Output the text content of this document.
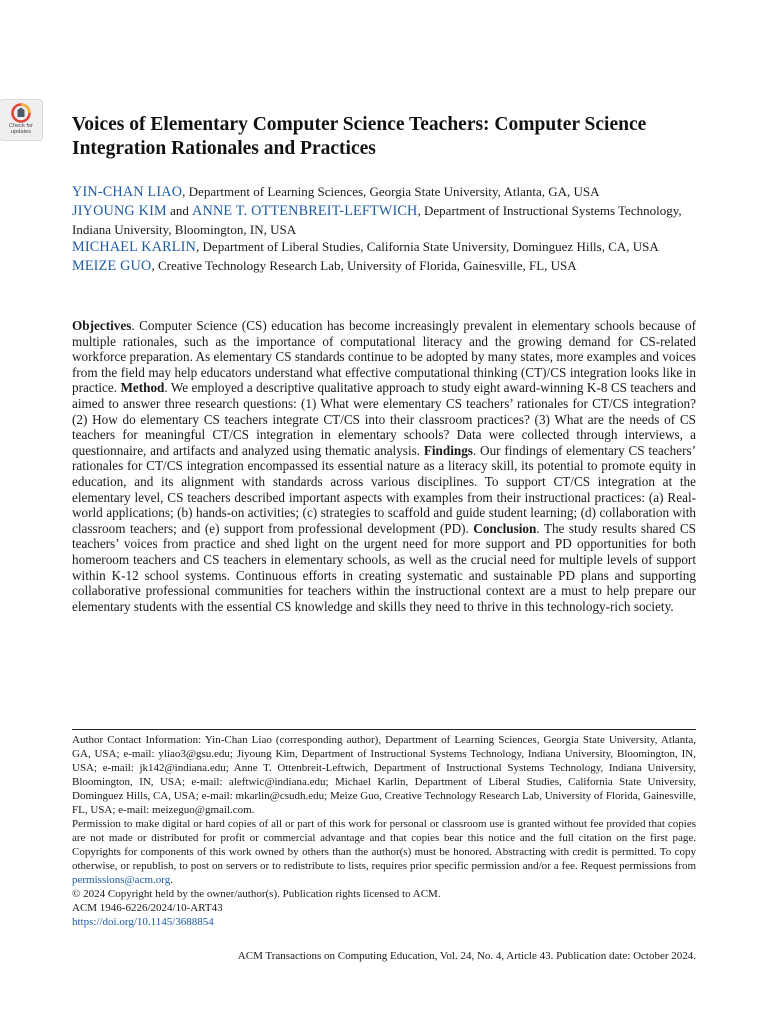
Check for
updates	Voices of Elementary Computer Science Teachers: Computer Science Integration Rationales and Practices

YIN-CHAN LIAO, Department of Learning Sciences, Georgia State University, Atlanta, GA, USA

JIYOUNG KIM and ANNE T. OTTENBREIT-LEFTWICH, Department of Instructional Systems Technology, Indiana University, Bloomington, IN, USA

MICHAEL KARLIN, Department of Liberal Studies, California State University, Dominguez Hills, CA, USA

MEIZE GUO, Creative Technology Research Lab, University of Florida, Gainesville, FL, USA

Objectives. Computer Science (CS) education has become increasingly prevalent in elementary schools because of multiple rationales, such as the importance of computational literacy and the growing demand for CS-related workforce preparation. As elementary CS standards continue to be adopted by many states, more examples and voices from the field may help educators understand what effective computational thinking (CT)/CS integration looks like in practice. Method. We employed a descriptive qualitative approach to study eight award-winning K-8 CS teachers and aimed to answer three research questions: (1) What were elementary CS teachers’ rationales for CT/CS integration? (2) How do elementary CS teachers integrate CT/CS into their classroom practices? (3) What are the needs of CS teachers for meaningful CT/CS integration in elementary schools? Data were collected through interviews, a questionnaire, and artifacts and analyzed using thematic analysis. Findings. Our findings of elementary CS teachers’ rationales for CT/CS integration encompassed its essential nature as a literacy skill, its potential to promote equity in education, and its alignment with standards across various disciplines. To support CT/CS integration at the elementary level, CS teachers described important aspects with examples from their instructional practices: (a) Real-world applications; (b) hands-on activities; (c) strategies to scaffold and guide student learning; (d) collaboration with classroom teachers; and (e) support from professional development (PD). Conclusion. The study results shared CS teachers’ voices from practice and shed light on the urgent need for more support and PD opportunities for both homeroom teachers and CS teachers in elementary schools, as well as the crucial need for multiple levels of support within K-12 school systems. Continuous efforts in creating systematic and sustainable PD plans and supporting collaborative professional communities for teachers within the instructional context are a must to help prepare our elementary students with the essential CS knowledge and skills they need to thrive in this technology-rich society.

Author Contact Information: Yin-Chan Liao (corresponding author), Department of Learning Sciences, Georgia State University, Atlanta, GA, USA; e-mail: yliao3@gsu.edu; Jiyoung Kim, Department of Instructional Systems Technology, Indiana University, Bloomington, IN, USA; e-mail: jk142@indiana.edu; Anne T. Ottenbreit-Leftwich, Department of Instructional Systems Technology, Indiana University, Bloomington, IN, USA; e-mail: aleftwic@indiana.edu; Michael Karlin, Department of Liberal Studies, California State University, Dominguez Hills, CA, USA; e-mail: mkarlin@csudh.edu; Meize Guo, Creative Technology Research Lab, University of Florida, Gainesville, FL, USA; e-mail: meizeguo@gmail.com.

Permission to make digital or hard copies of all or part of this work for personal or classroom use is granted without fee provided that copies are not made or distributed for profit or commercial advantage and that copies bear this notice and the full citation on the first page. Copyrights for components of this work owned by others than the author(s) must be honored. Abstracting with credit is permitted. To copy otherwise, or republish, to post on servers or to redistribute to lists, requires prior specific permission and/or a fee. Request permissions from permissions@acm.org.

© 2024 Copyright held by the owner/author(s). Publication rights licensed to ACM.

ACM 1946-6226/2024/10-ART43

https://doi.org/10.1145/3688854

ACM Transactions on Computing Education, Vol. 24, No. 4, Article 43. Publication date: October 2024.
